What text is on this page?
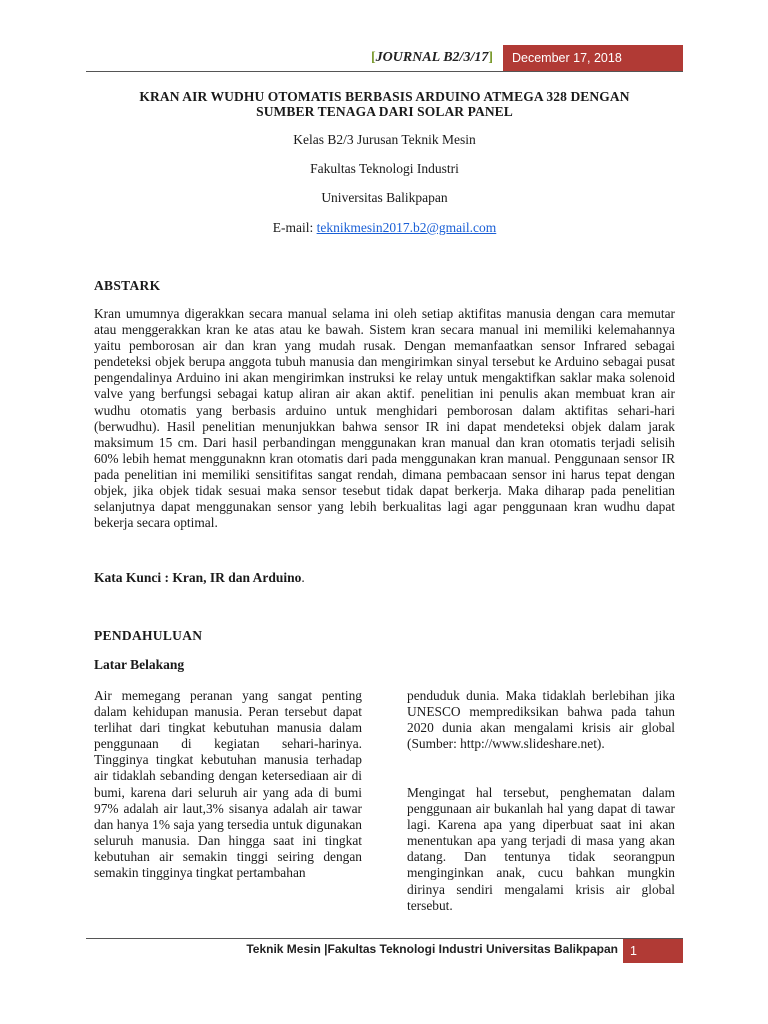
[JOURNAL B2/3/17] December 17, 2018
KRAN AIR WUDHU OTOMATIS BERBASIS ARDUINO ATMEGA 328 DENGAN
SUMBER TENAGA DARI SOLAR PANEL
Kelas B2/3 Jurusan Teknik Mesin
Fakultas Teknologi Industri
Universitas Balikpapan
E-mail: teknikmesin2017.b2@gmail.com
ABSTARK

Kran umumnya digerakkan secara manual selama ini oleh setiap aktifitas manusia dengan cara memutar atau menggerakkan kran ke atas atau ke bawah. Sistem kran secara manual ini memiliki kelemahannya yaitu pemborosan air dan kran yang mudah rusak. Dengan memanfaatkan sensor Infrared sebagai pendeteksi objek berupa anggota tubuh manusia dan mengirimkan sinyal tersebut ke Arduino sebagai pusat pengendalinya Arduino ini akan mengirimkan instruksi ke relay untuk mengaktifkan saklar maka solenoid valve yang berfungsi sebagai katup aliran air akan aktif. penelitian ini penulis akan membuat kran air wudhu otomatis yang berbasis arduino untuk menghidari pemborosan dalam aktifitas sehari-hari (berwudhu). Hasil penelitian menunjukkan bahwa sensor IR ini dapat mendeteksi objek dalam jarak maksimum 15 cm. Dari hasil perbandingan menggunakan kran manual dan kran otomatis terjadi selisih 60% lebih hemat menggunaknn kran otomatis dari pada menggunakan kran manual. Penggunaan sensor IR pada penelitian ini memiliki sensitifitas sangat rendah, dimana pembacaan sensor ini harus tepat dengan objek, jika objek tidak sesuai maka sensor tesebut tidak dapat berkerja. Maka diharap pada penelitian selanjutnya dapat menggunakan sensor yang lebih berkualitas lagi agar penggunaan kran wudhu dapat bekerja secara optimal.

Kata Kunci : Kran, IR dan Arduino.
PENDAHULUAN
Latar Belakang

Air memegang peranan yang sangat penting dalam kehidupan manusia. Peran tersebut dapat terlihat dari tingkat kebutuhan manusia dalam penggunaan di kegiatan sehari-harinya. Tingginya tingkat kebutuhan manusia terhadap air tidaklah sebanding dengan ketersediaan air di bumi, karena dari seluruh air yang ada di bumi 97% adalah air laut,3% sisanya adalah air tawar dan hanya 1% saja yang tersedia untuk digunakan seluruh manusia. Dan hingga saat ini tingkat kebutuhan air semakin tinggi seiring dengan semakin tingginya tingkat pertambahan

penduduk dunia. Maka tidaklah berlebihan jika UNESCO memprediksikan bahwa pada tahun 2020 dunia akan mengalami krisis air global (Sumber: http://www.slideshare.net).

Mengingat hal tersebut, penghematan dalam penggunaan air bukanlah hal yang dapat di tawar lagi. Karena apa yang diperbuat saat ini akan menentukan apa yang terjadi di masa yang akan datang. Dan tentunya tidak seorangpun menginginkan anak, cucu bahkan mungkin dirinya sendiri mengalami krisis air global tersebut.

Teknik Mesin |Fakultas Teknologi Industri Universitas Balikpapan 1
